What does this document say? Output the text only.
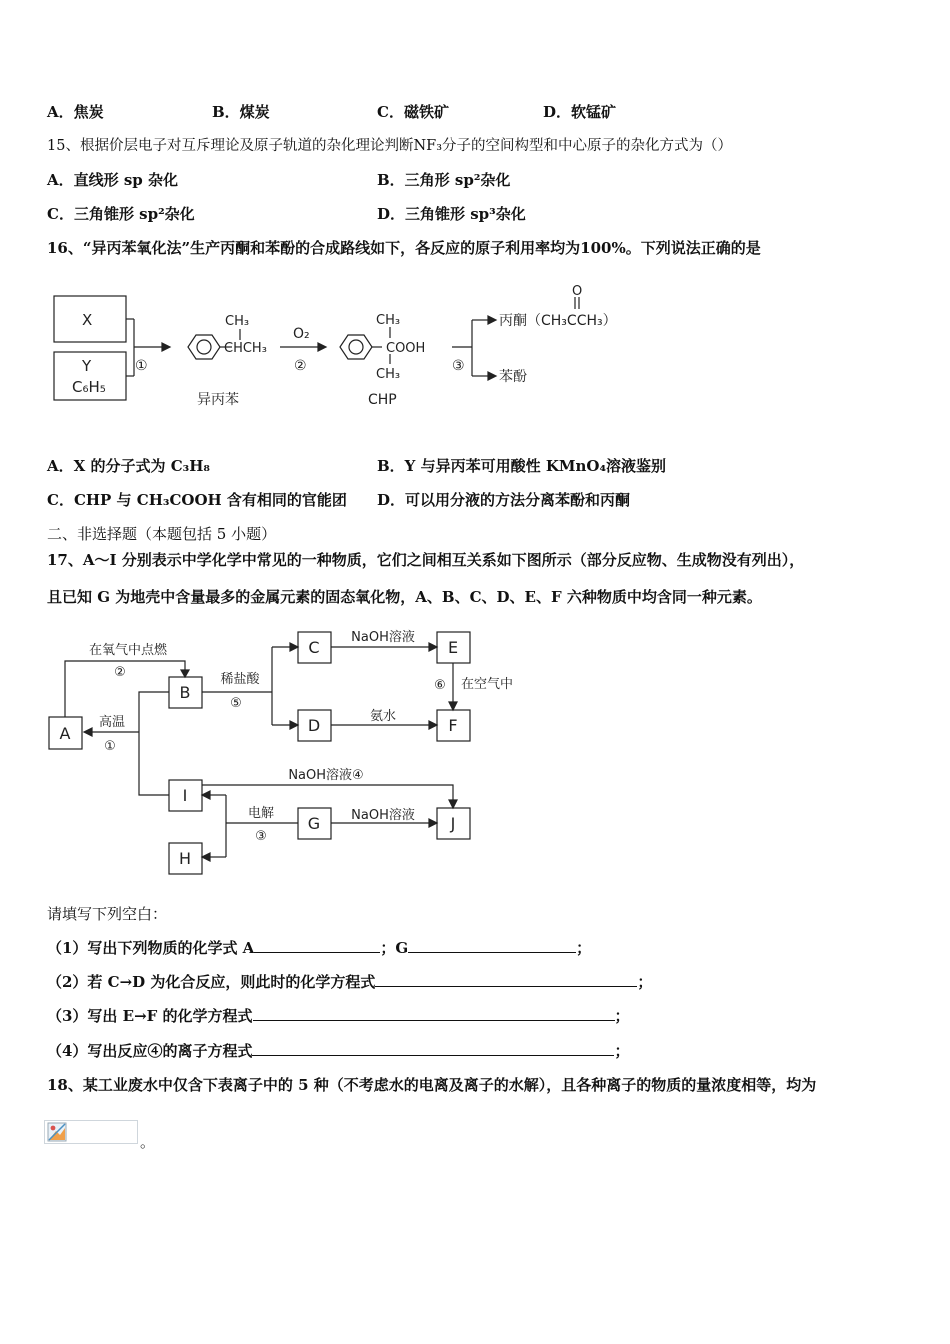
A．焦炭	B．煤炭	C．磁铁矿	D．软锰矿
15、根据价层电子对互斥理论及原子轨道的杂化理论判断NF₃分子的空间构型和中心原子的杂化方式为（）
A．直线形 sp 杂化	B．三角形 sp²杂化
C．三角锥形 sp²杂化	D．三角锥形 sp³杂化
16、“异丙苯氧化法”生产丙酮和苯酚的合成路线如下，各反应的原子利用率均为100%。下列说法正确的是
X
Y
C₆H₅
①
CH₃
CHCH₃
O₂
②
CH₃
COOH
CH₃
③
O
丙酮（CH₃CCH₃）
苯酚
异丙苯	CHP
A．X 的分子式为 C₃H₈	B．Y 与异丙苯可用酸性 KMnO₄溶液鉴别
C．CHP 与 CH₃COOH 含有相同的官能团 D．可以用分液的方法分离苯酚和丙酮
二、非选择题（本题包括 5 小题）
17、A～I 分别表示中学化学中常见的一种物质，它们之间相互关系如下图所示（部分反应物、生成物没有列出），
且已知 G 为地壳中含量最多的金属元素的固态氧化物，A、B、C、D、E、F 六种物质中均含同一种元素。
A
B
C
D
E
F
I
G
H
J
在氧气中点燃
②
高温
①
稀盐酸
⑤
NaOH溶液
氨水
⑥ 在空气中
NaOH溶液④
电解
③
NaOH溶液
请填写下列空白：
（1）写出下列物质的化学式 A	；G	；
（2）若 C→D 为化合反应，则此时的化学方程式	；
（3）写出 E→F 的化学方程式	；
（4）写出反应④的离子方程式	；
18、某工业废水中仅含下表离子中的 5 种（不考虑水的电离及离子的水解），且各种离子的物质的量浓度相等，均为
。
